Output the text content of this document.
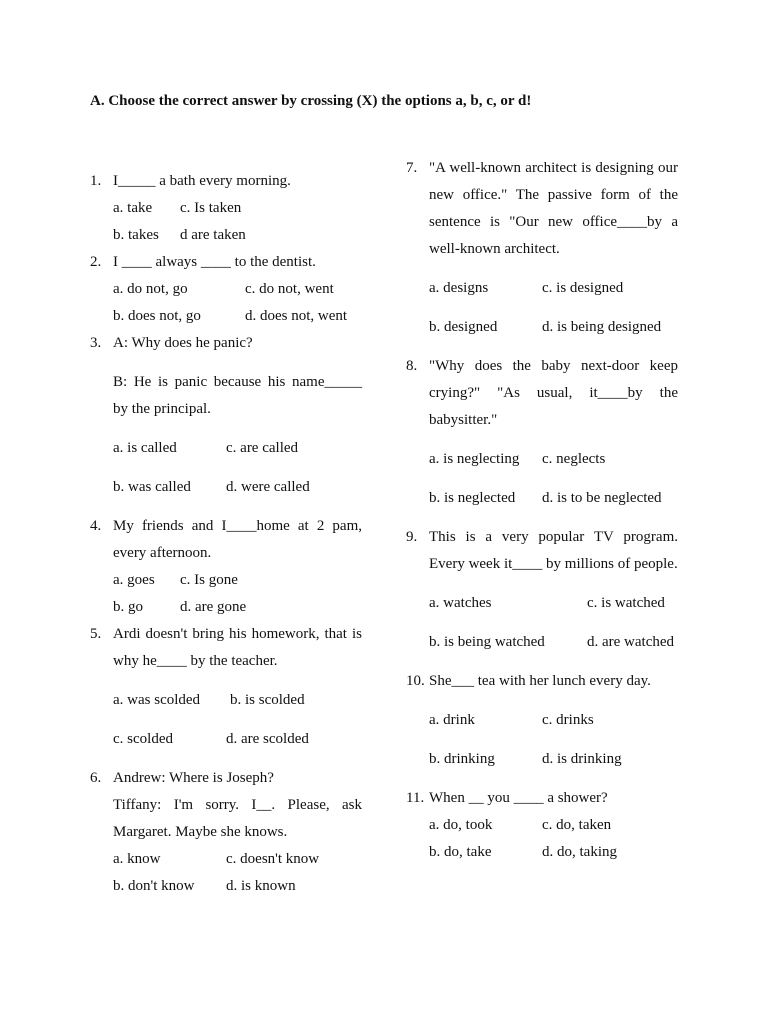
A. Choose the correct answer by crossing (X) the options a, b, c, or d!
1. I_____ a bath every morning.
a. take	c. Is taken
b. takes	d are taken
2. I ____ always ____ to the dentist.
a. do not, go	c. do not, went
b. does not, go	d. does not, went
3. A: Why does he panic?
B: He is panic because his name_____ by the principal.
a. is called	c. are called
b. was called	d. were called
4. My friends and I____home at 2 pam, every afternoon.
a. goes	c. Is gone
b. go	d. are gone
5. Ardi doesn't bring his homework, that is why he____ by the teacher.
a. was scolded	b. is scolded
c. scolded	d. are scolded
6. Andrew: Where is Joseph?
Tiffany: I'm sorry. I__. Please, ask Margaret. Maybe she knows.
a. know	c. doesn't know
b. don't know	d. is known
7. "A well-known architect is designing our new office." The passive form of the sentence is "Our new office____by a well-known architect.
a. designs	c. is designed
b. designed	d. is being designed
8. "Why does the baby next-door keep crying?" "As usual, it____by the babysitter."
a. is neglecting	c. neglects
b. is neglected	d. is to be neglected
9. This is a very popular TV program. Every week it____ by millions of people.
a. watches	c. is watched
b. is being watched	d. are watched
10. She___ tea with her lunch every day.
a. drink	c. drinks
b. drinking	d. is drinking
11. When __ you ____ a shower?
a. do, took	c. do, taken
b. do, take	d. do, taking
